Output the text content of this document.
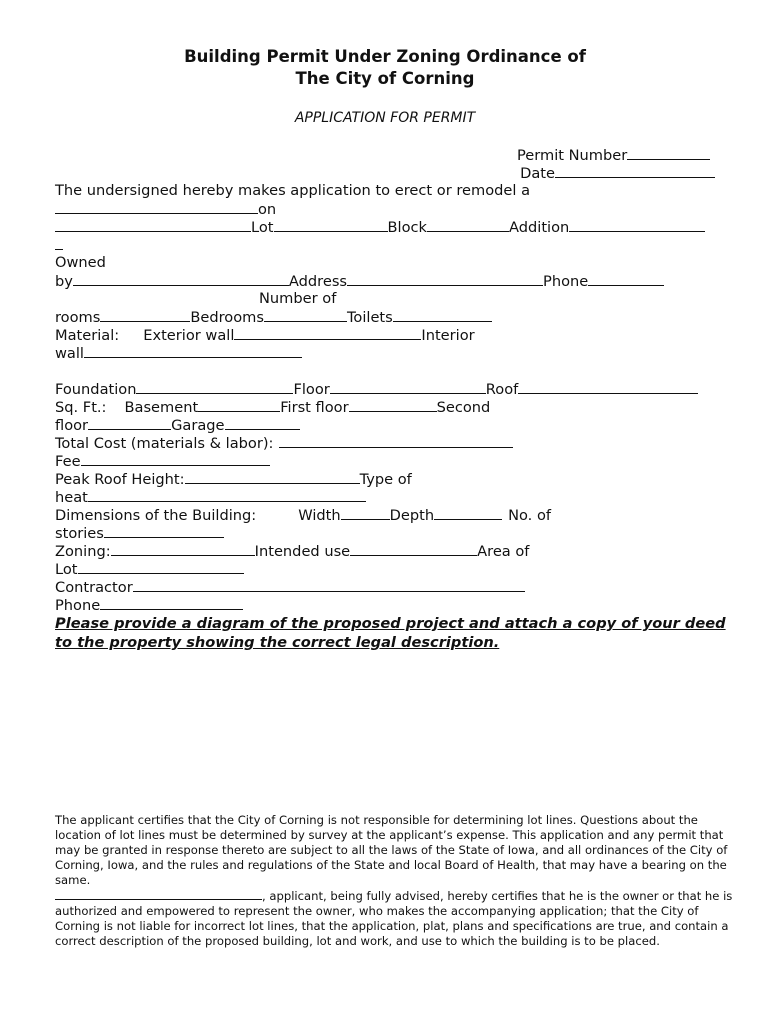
Building Permit Under Zoning Ordinance of
The City of Corning
APPLICATION FOR PERMIT
Permit Number
Date
The undersigned hereby makes application to erect or remodel a
on
Lot	Block	Addition
Owned
by	Address	Phone
Number of
rooms	Bedrooms	Toilets
Material: Exterior wall	Interior
wall
Foundation	Floor	Roof
Sq. Ft.: Basement	First floor	Second
floor	Garage
Total Cost (materials & labor):
Fee
Peak Roof Height:	Type of
heat
Dimensions of the Building:	Width	Depth	No. of
stories
Zoning:	Intended use	Area of
Lot
Contractor
Phone
Please provide a diagram of the proposed project and attach a copy of your deed to the property showing the correct legal description.
The applicant certifies that the City of Corning is not responsible for determining lot lines. Questions about the location of lot lines must be determined by survey at the applicant’s expense. This application and any permit that may be granted in response thereto are subject to all the laws of the State of Iowa, and all ordinances of the City of Corning, Iowa, and the rules and regulations of the State and local Board of Health, that may have a bearing on the same.
, applicant, being fully advised, hereby certifies that he is the owner or that he is authorized and empowered to represent the owner, who makes the accompanying application; that the City of Corning is not liable for incorrect lot lines, that the application, plat, plans and specifications are true, and contain a correct description of the proposed building, lot and work, and use to which the building is to be placed.
